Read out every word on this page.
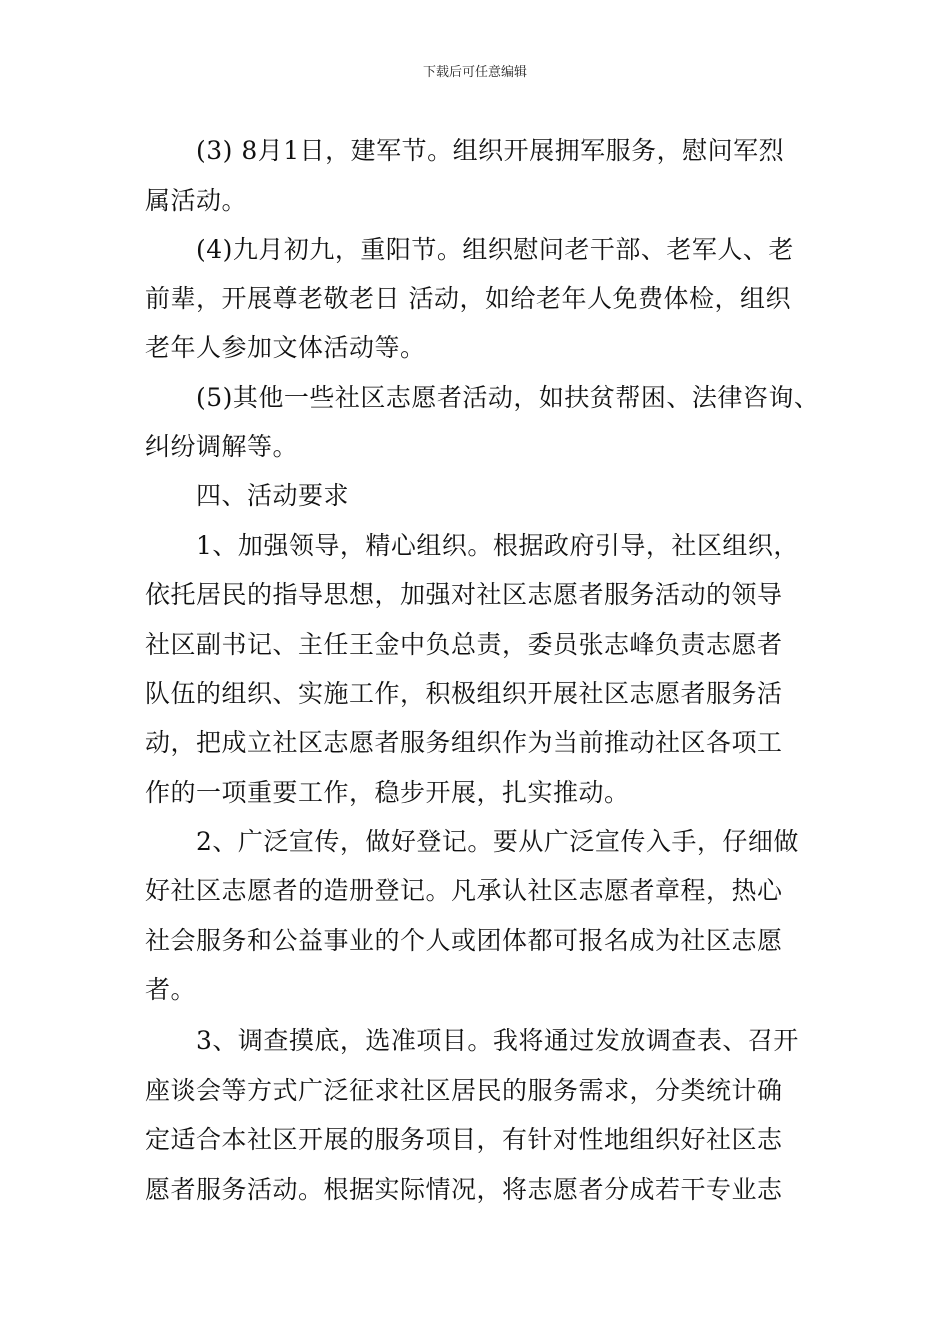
下载后可任意编辑
(3) 8月1日，建军节。组织开展拥军服务，慰问军烈
属活动。
(4)九月初九，重阳节。组织慰问老干部、老军人、老
前辈，开展尊老敬老日 活动，如给老年人免费体检，组织
老年人参加文体活动等。
(5)其他一些社区志愿者活动，如扶贫帮困、法律咨询、
纠纷调解等。
四、活动要求
1、加强领导，精心组织。根据政府引导，社区组织，
依托居民的指导思想，加强对社区志愿者服务活动的领导
社区副书记、主任王金中负总责，委员张志峰负责志愿者
队伍的组织、实施工作，积极组织开展社区志愿者服务活
动，把成立社区志愿者服务组织作为当前推动社区各项工
作的一项重要工作，稳步开展，扎实推动。
2、广泛宣传，做好登记。要从广泛宣传入手，仔细做
好社区志愿者的造册登记。凡承认社区志愿者章程，热心
社会服务和公益事业的个人或团体都可报名成为社区志愿
者。
3、调查摸底，选准项目。我将通过发放调查表、召开
座谈会等方式广泛征求社区居民的服务需求，分类统计确
定适合本社区开展的服务项目，有针对性地组织好社区志
愿者服务活动。根据实际情况，将志愿者分成若干专业志
